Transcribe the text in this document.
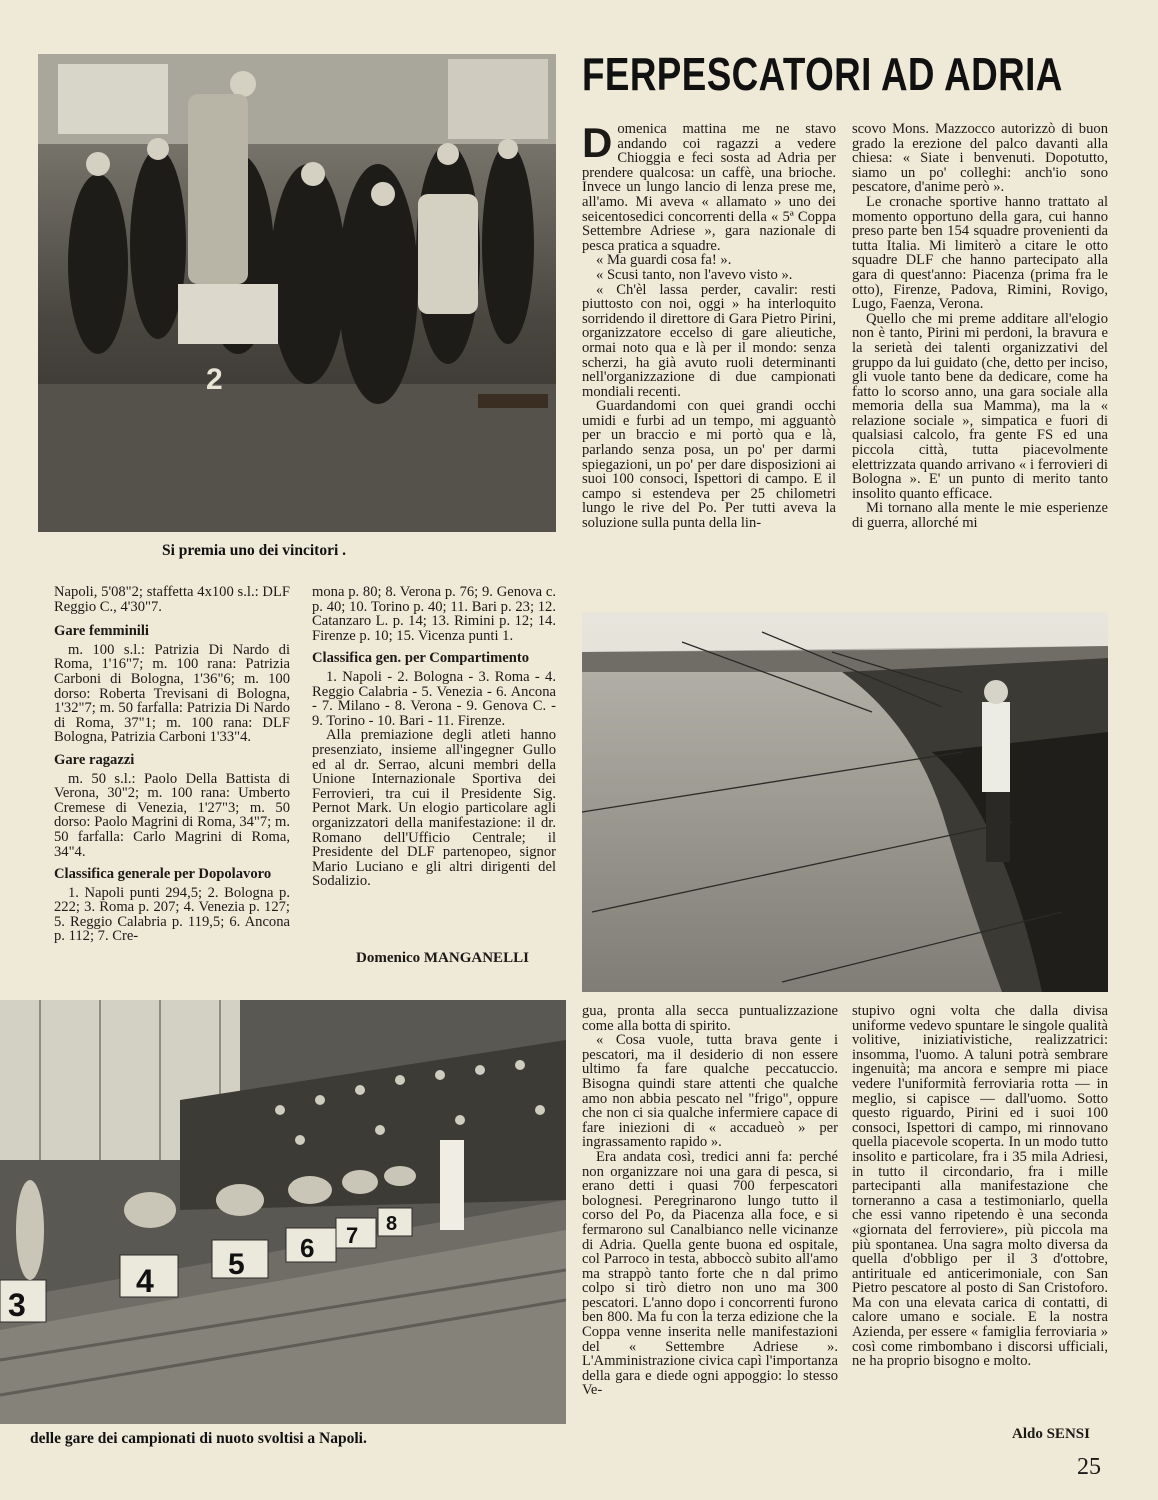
2
Si premia uno dei vincitori .
FERPESCATORI AD ADRIA

Napoli, 5'08"2; staffetta 4x100 s.l.: DLF Reggio C., 4'30"7.

Gare femminili

m. 100 s.l.: Patrizia Di Nardo di Roma, 1'16"7; m. 100 rana: Patrizia Carboni di Bologna, 1'36"6; m. 100 dorso: Roberta Trevisani di Bologna, 1'32"7; m. 50 farfalla: Patrizia Di Nardo di Roma, 37"1; m. 100 rana: DLF Bologna, Patrizia Carboni 1'33"4.

Gare ragazzi

m. 50 s.l.: Paolo Della Battista di Verona, 30"2; m. 100 rana: Umberto Cremese di Venezia, 1'27"3; m. 50 dorso: Paolo Magrini di Roma, 34"7; m. 50 farfalla: Carlo Magrini di Roma, 34"4.

Classifica generale per Dopolavoro

1. Napoli punti 294,5; 2. Bologna p. 222; 3. Roma p. 207; 4. Venezia p. 127; 5. Reggio Calabria p. 119,5; 6. Ancona p. 112; 7. Cre-

mona p. 80; 8. Verona p. 76; 9. Genova c. p. 40; 10. Torino p. 40; 11. Bari p. 23; 12. Catanzaro L. p. 14; 13. Rimini p. 12; 14. Firenze p. 10; 15. Vicenza punti 1.

Classifica gen. per Compartimento

1. Napoli - 2. Bologna - 3. Roma - 4. Reggio Calabria - 5. Venezia - 6. Ancona - 7. Milano - 8. Verona - 9. Genova C. - 9. Torino - 10. Bari - 11. Firenze.

Alla premiazione degli atleti hanno presenziato, insieme all'ingegner Gullo ed al dr. Serrao, alcuni membri della Unione Internazionale Sportiva dei Ferrovieri, tra cui il Presidente Sig. Pernot Mark. Un elogio particolare agli organizzatori della manifestazione: il dr. Romano dell'Ufficio Centrale; il Presidente del DLF partenopeo, signor Mario Luciano e gli altri dirigenti del Sodalizio.

Domenico MANGANELLI

Domenica mattina me ne stavo andando coi ragazzi a vedere Chioggia e feci sosta ad Adria per prendere qualcosa: un caffè, una brioche. Invece un lungo lancio di lenza prese me, all'amo. Mi aveva « allamato » uno dei seicentosedici concorrenti della « 5ª Coppa Settembre Adriese », gara nazionale di pesca pratica a squadre.

« Ma guardi cosa fa! ».

« Scusi tanto, non l'avevo visto ».

« Ch'èl lassa perder, cavalir: resti piuttosto con noi, oggi » ha interloquito sorridendo il direttore di Gara Pietro Pirini, organizzatore eccelso di gare alieutiche, ormai noto qua e là per il mondo: senza scherzi, ha già avuto ruoli determinanti nell'organizzazione di due campionati mondiali recenti.

Guardandomi con quei grandi occhi umidi e furbi ad un tempo, mi agguantò per un braccio e mi portò qua e là, parlando senza posa, un po' per darmi spiegazioni, un po' per dare disposizioni ai suoi 100 consoci, Ispettori di campo. E il campo si estendeva per 25 chilometri lungo le rive del Po. Per tutti aveva la soluzione sulla punta della lin-

scovo Mons. Mazzocco autorizzò di buon grado la erezione del palco davanti alla chiesa: « Siate i benvenuti. Dopotutto, siamo un po' colleghi: anch'io sono pescatore, d'anime però ».

Le cronache sportive hanno trattato al momento opportuno della gara, cui hanno preso parte ben 154 squadre provenienti da tutta Italia. Mi limiterò a citare le otto squadre DLF che hanno partecipato alla gara di quest'anno: Piacenza (prima fra le otto), Firenze, Padova, Rimini, Rovigo, Lugo, Faenza, Verona.

Quello che mi preme additare all'elogio non è tanto, Pirini mi perdoni, la bravura e la serietà dei talenti organizzativi del gruppo da lui guidato (che, detto per inciso, gli vuole tanto bene da dedicare, come ha fatto lo scorso anno, una gara sociale alla memoria della sua Mamma), ma la « relazione sociale », simpatica e fuori di qualsiasi calcolo, fra gente FS ed una piccola città, tutta piacevolmente elettrizzata quando arrivano « i ferrovieri di Bologna ». E' un punto di merito tanto insolito quanto efficace.

Mi tornano alla mente le mie esperienze di guerra, allorché mi

3
4 5 6 7 8
delle gare dei campionati di nuoto svoltisi a Napoli.

gua, pronta alla secca puntualizzazione come alla botta di spirito.

« Cosa vuole, tutta brava gente i pescatori, ma il desiderio di non essere ultimo fa fare qualche peccatuccio. Bisogna quindi stare attenti che qualche amo non abbia pescato nel "frigo", oppure che non ci sia qualche infermiere capace di fare iniezioni di « accadueò » per ingrassamento rapido ».

Era andata così, tredici anni fa: perché non organizzare noi una gara di pesca, si erano detti i quasi 700 ferpescatori bolognesi. Peregrinarono lungo tutto il corso del Po, da Piacenza alla foce, e si fermarono sul Canalbianco nelle vicinanze di Adria. Quella gente buona ed ospitale, col Parroco in testa, abboccò subito all'amo ma strappò tanto forte che n dal primo colpo si tirò dietro non uno ma 300 pescatori. L'anno dopo i concorrenti furono ben 800. Ma fu con la terza edizione che la Coppa venne inserita nelle manifestazioni del « Settembre Adriese ». L'Amministrazione civica capì l'importanza della gara e diede ogni appoggio: lo stesso Ve-

stupivo ogni volta che dalla divisa uniforme vedevo spuntare le singole qualità volitive, iniziativistiche, realizzatrici: insomma, l'uomo. A taluni potrà sembrare ingenuità; ma ancora e sempre mi piace vedere l'uniformità ferroviaria rotta — in meglio, si capisce — dall'uomo. Sotto questo riguardo, Pirini ed i suoi 100 consoci, Ispettori di campo, mi rinnovano quella piacevole scoperta. In un modo tutto insolito e particolare, fra i 35 mila Adriesi, in tutto il circondario, fra i mille partecipanti alla manifestazione che torneranno a casa a testimoniarlo, quella che essi vanno ripetendo è una seconda «giornata del ferroviere», più piccola ma più spontanea. Una sagra molto diversa da quella d'obbligo per il 3 d'ottobre, antirituale ed anticerimoniale, con San Pietro pescatore al posto di San Cristoforo. Ma con una elevata carica di contatti, di calore umano e sociale. E la nostra Azienda, per essere « famiglia ferroviaria » così come rimbombano i discorsi ufficiali, ne ha proprio bisogno e molto.

Aldo SENSI
25
